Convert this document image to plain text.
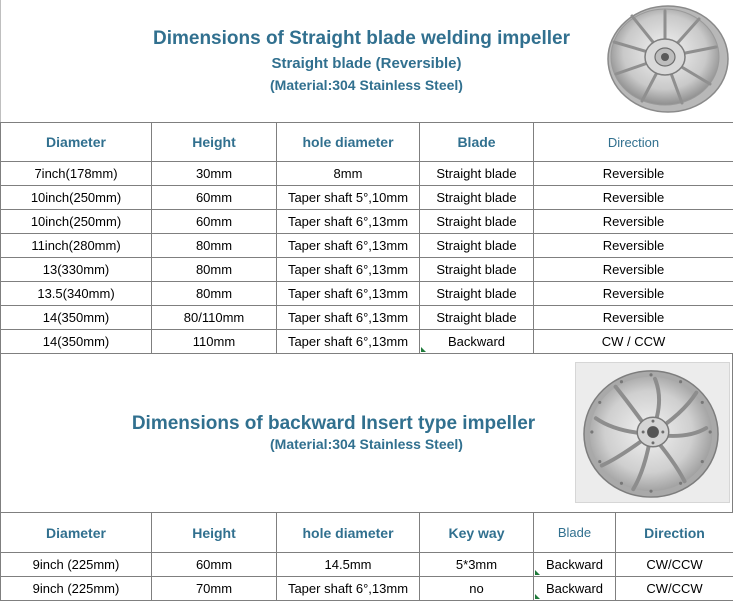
Dimensions of Straight blade welding impeller
Straight blade (Reversible)
(Material:304 Stainless Steel)
Diameter	Height	hole diameter	Blade	Direction
7inch(178mm)	30mm	8mm	Straight blade	Reversible
10inch(250mm)	60mm	Taper shaft 5°,10mm	Straight blade	Reversible
10inch(250mm)	60mm	Taper shaft 6°,13mm	Straight blade	Reversible
11inch(280mm)	80mm	Taper shaft 6°,13mm	Straight blade	Reversible
13(330mm)	80mm	Taper shaft 6°,13mm	Straight blade	Reversible
13.5(340mm)	80mm	Taper shaft 6°,13mm	Straight blade	Reversible
14(350mm)	80/110mm	Taper shaft 6°,13mm	Straight blade	Reversible
14(350mm)	110mm	Taper shaft 6°,13mm	Backward	CW / CCW
Dimensions of backward Insert type impeller
(Material:304 Stainless Steel)
Diameter	Height	hole diameter	Key way	Blade	Direction
9inch (225mm)	60mm	14.5mm	5*3mm	Backward	CW/CCW
9inch (225mm)	70mm	Taper shaft 6°,13mm	no	Backward	CW/CCW
